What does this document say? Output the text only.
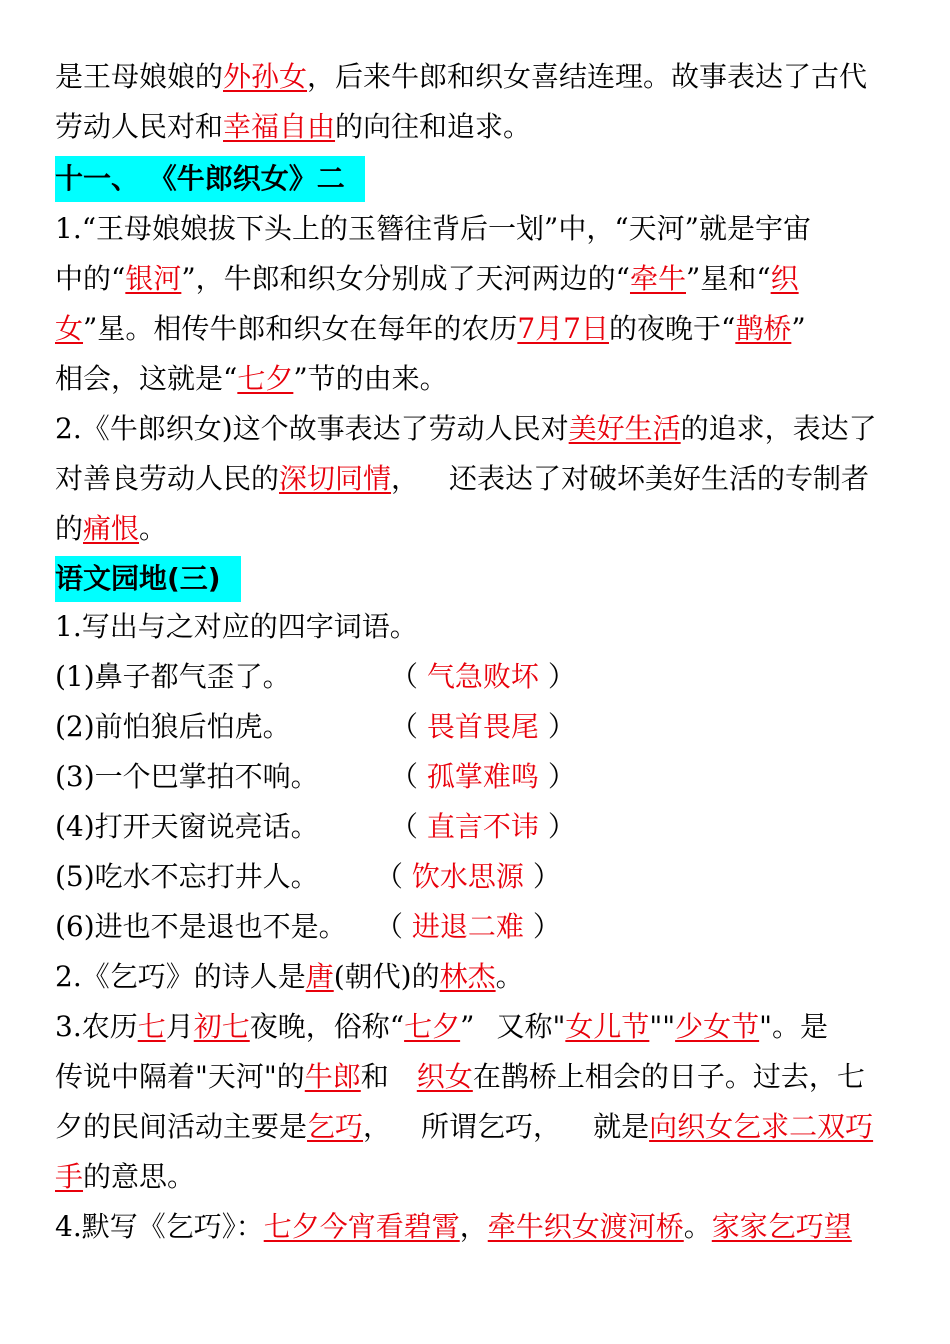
是王母娘娘的外孙女，后来牛郎和织女喜结连理。故事表达了古代
劳动人民对和幸福自由的向往和追求。
十一、 《牛郎织女》二
1.“王母娘娘拔下头上的玉簪往背后一划”中，“天河”就是宇宙
中的“银河”，牛郎和织女分别成了天河两边的“牵牛”星和“织
女”星。相传牛郎和织女在每年的农历7月7日的夜晚于“鹊桥”
相会，这就是“七夕”节的由来。
2.《牛郎织女)这个故事表达了劳动人民对美好生活的追求，表达了
对善良劳动人民的深切同情， 还表达了对破坏美好生活的专制者
的痛恨。
语文园地(三)
1.写出与之对应的四字词语。
(1)鼻子都气歪了。	（ 气急败坏 ）
(2)前怕狼后怕虎。	（ 畏首畏尾 ）
(3)一个巴掌拍不响。	（ 孤掌难鸣 ）
(4)打开天窗说亮话。	（ 直言不讳 ）
(5)吃水不忘打井人。 （ 饮水思源 ）
(6)进也不是退也不是。 （ 进退二难 ）
2.《乞巧》的诗人是唐(朝代)的林杰。
3.农历七月初七夜晚，俗称“七夕” 又称"女儿节""少女节"。是
传说中隔着"天河"的牛郎和 织女在鹊桥上相会的日子。过去，七
夕的民间活动主要是乞巧， 所谓乞巧， 就是向织女乞求二双巧
手的意思。
4.默写《乞巧》：七夕今宵看碧霄，牵牛织女渡河桥。家家乞巧望
